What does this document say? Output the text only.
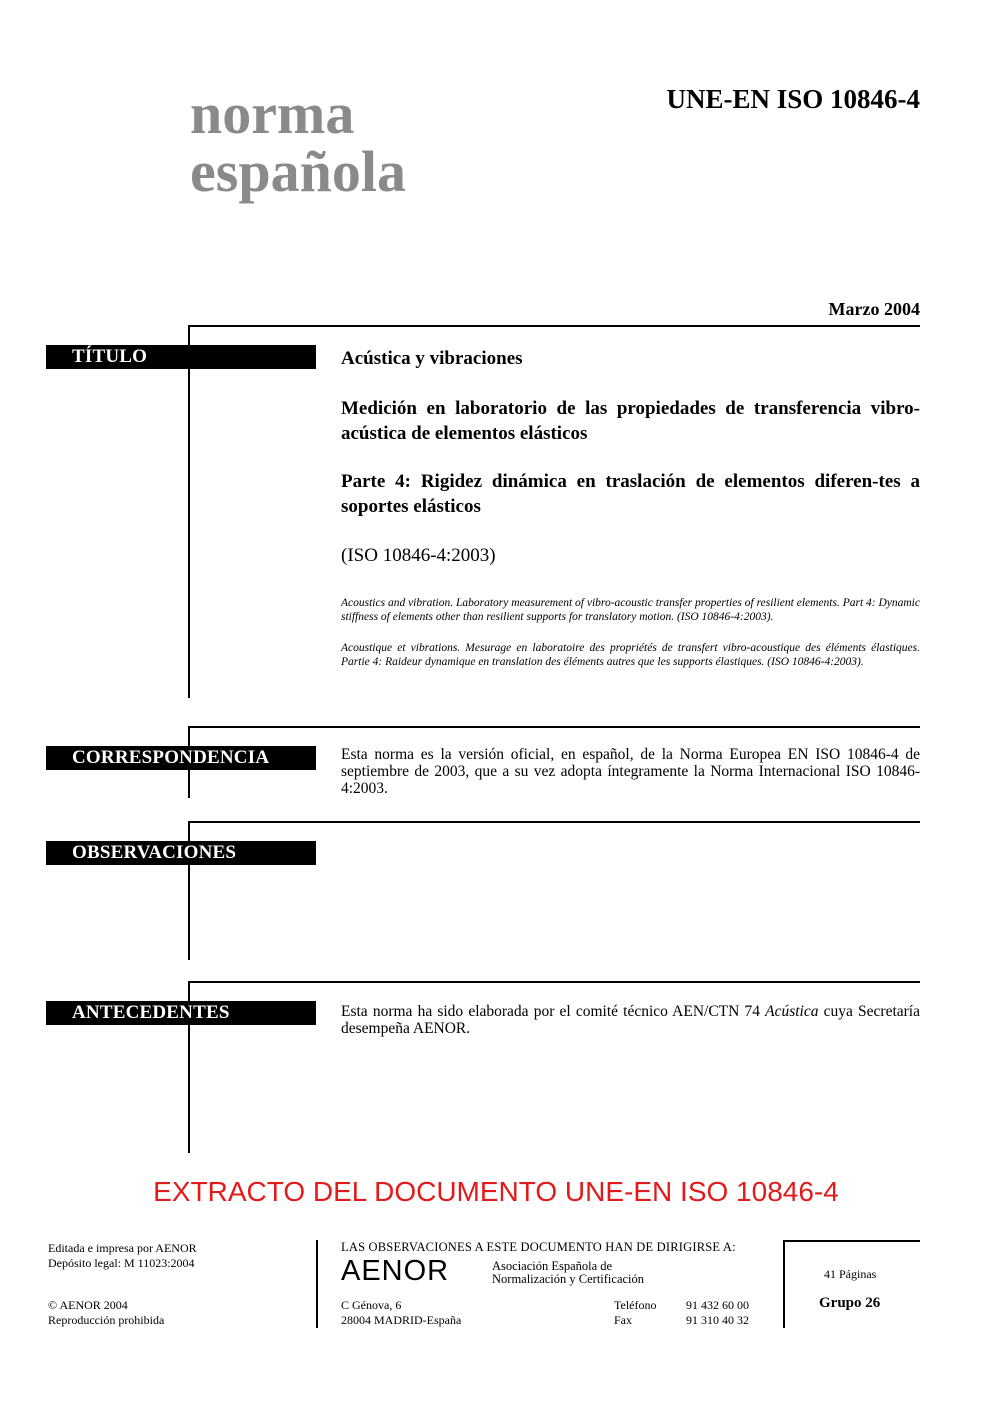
norma
española
UNE-EN ISO 10846-4
Marzo 2004
TÍTULO	Acústica y vibraciones
Medición en laboratorio de las propiedades de transferencia vibro-acústica de elementos elásticos
Parte 4: Rigidez dinámica en traslación de elementos diferen-tes a soportes elásticos
(ISO 10846-4:2003)
Acoustics and vibration. Laboratory measurement of vibro-acoustic transfer properties of resilient elements. Part 4: Dynamic stiffness of elements other than resilient supports for translatory motion. (ISO 10846-4:2003).
Acoustique et vibrations. Mesurage en laboratoire des propriétés de transfert vibro-acoustique des éléments élastiques. Partie 4: Raideur dynamique en translation des éléments autres que les supports élastiques. (ISO 10846-4:2003).
CORRESPONDENCIA	Esta norma es la versión oficial, en español, de la Norma Europea EN ISO 10846-4 de septiembre de 2003, que a su vez adopta íntegramente la Norma Internacional ISO 10846-4:2003.
OBSERVACIONES
ANTECEDENTES	Esta norma ha sido elaborada por el comité técnico AEN/CTN 74 Acústica cuya Secretaría desempeña AENOR.
EXTRACTO DEL DOCUMENTO UNE-EN ISO 10846-4
Editada e impresa por AENOR
Depósito legal: M 11023:2004
© AENOR 2004
Reproducción prohibida
LAS OBSERVACIONES A ESTE DOCUMENTO HAN DE DIRIGIRSE A:
AENOR	Asociación Española de
Normalización y Certificación
C Génova, 6
28004 MADRID-España
Teléfono 91 432 60 00
Fax	91 310 40 32
41 Páginas
Grupo 26
